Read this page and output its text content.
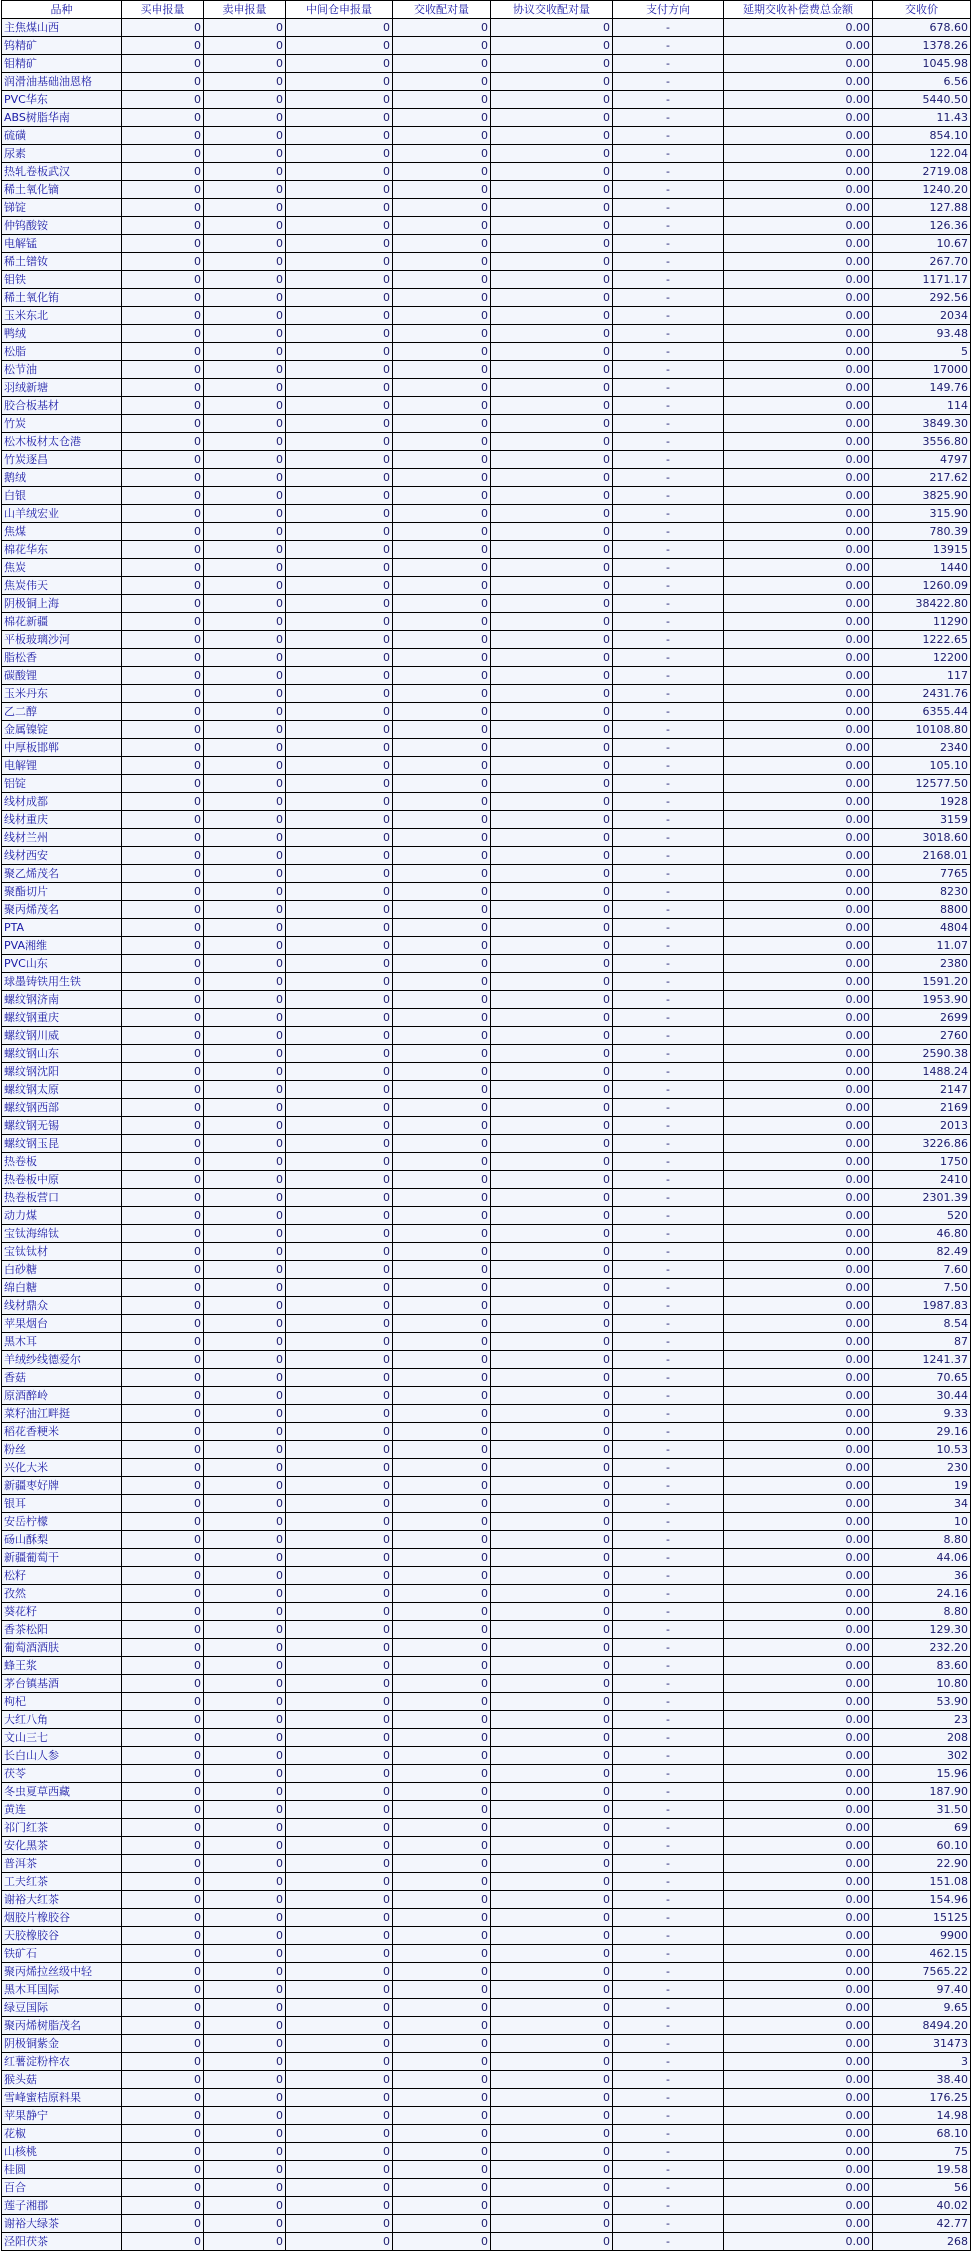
品种	买申报量	卖申报量	中间仓申报量	交收配对量	协议交收配对量	支付方向	延期交收补偿费总金额	交收价
主焦煤山西	0	0	0	0	0	-	0.00	678.60
钨精矿	0	0	0	0	0	-	0.00	1378.26
钼精矿	0	0	0	0	0	-	0.00	1045.98
润滑油基础油恩格	0	0	0	0	0	-	0.00	6.56
PVC华东	0	0	0	0	0	-	0.00	5440.50
ABS树脂华南	0	0	0	0	0	-	0.00	11.43
硫磺	0	0	0	0	0	-	0.00	854.10
尿素	0	0	0	0	0	-	0.00	122.04
热轧卷板武汉	0	0	0	0	0	-	0.00	2719.08
稀土氧化镝	0	0	0	0	0	-	0.00	1240.20
锑锭	0	0	0	0	0	-	0.00	127.88
仲钨酸铵	0	0	0	0	0	-	0.00	126.36
电解锰	0	0	0	0	0	-	0.00	10.67
稀土镨钕	0	0	0	0	0	-	0.00	267.70
钼铁	0	0	0	0	0	-	0.00	1171.17
稀土氧化铕	0	0	0	0	0	-	0.00	292.56
玉米东北	0	0	0	0	0	-	0.00	2034
鸭绒	0	0	0	0	0	-	0.00	93.48
松脂	0	0	0	0	0	-	0.00	5
松节油	0	0	0	0	0	-	0.00	17000
羽绒新塘	0	0	0	0	0	-	0.00	149.76
胶合板基材	0	0	0	0	0	-	0.00	114
竹炭	0	0	0	0	0	-	0.00	3849.30
松木板材太仓港	0	0	0	0	0	-	0.00	3556.80
竹炭逐昌	0	0	0	0	0	-	0.00	4797
鹅绒	0	0	0	0	0	-	0.00	217.62
白银	0	0	0	0	0	-	0.00	3825.90
山羊绒宏业	0	0	0	0	0	-	0.00	315.90
焦煤	0	0	0	0	0	-	0.00	780.39
棉花华东	0	0	0	0	0	-	0.00	13915
焦炭	0	0	0	0	0	-	0.00	1440
焦炭伟天	0	0	0	0	0	-	0.00	1260.09
阴极铜上海	0	0	0	0	0	-	0.00	38422.80
棉花新疆	0	0	0	0	0	-	0.00	11290
平板玻璃沙河	0	0	0	0	0	-	0.00	1222.65
脂松香	0	0	0	0	0	-	0.00	12200
碳酸锂	0	0	0	0	0	-	0.00	117
玉米丹东	0	0	0	0	0	-	0.00	2431.76
乙二醇	0	0	0	0	0	-	0.00	6355.44
金属镍锭	0	0	0	0	0	-	0.00	10108.80
中厚板邯郸	0	0	0	0	0	-	0.00	2340
电解锂	0	0	0	0	0	-	0.00	105.10
铝锭	0	0	0	0	0	-	0.00	12577.50
线材成都	0	0	0	0	0	-	0.00	1928
线材重庆	0	0	0	0	0	-	0.00	3159
线材兰州	0	0	0	0	0	-	0.00	3018.60
线材西安	0	0	0	0	0	-	0.00	2168.01
聚乙烯茂名	0	0	0	0	0	-	0.00	7765
聚酯切片	0	0	0	0	0	-	0.00	8230
聚丙烯茂名	0	0	0	0	0	-	0.00	8800
PTA	0	0	0	0	0	-	0.00	4804
PVA湘维	0	0	0	0	0	-	0.00	11.07
PVC山东	0	0	0	0	0	-	0.00	2380
球墨铸铁用生铁	0	0	0	0	0	-	0.00	1591.20
螺纹钢济南	0	0	0	0	0	-	0.00	1953.90
螺纹钢重庆	0	0	0	0	0	-	0.00	2699
螺纹钢川威	0	0	0	0	0	-	0.00	2760
螺纹钢山东	0	0	0	0	0	-	0.00	2590.38
螺纹钢沈阳	0	0	0	0	0	-	0.00	1488.24
螺纹钢太原	0	0	0	0	0	-	0.00	2147
螺纹钢西部	0	0	0	0	0	-	0.00	2169
螺纹钢无锡	0	0	0	0	0	-	0.00	2013
螺纹钢玉昆	0	0	0	0	0	-	0.00	3226.86
热卷板	0	0	0	0	0	-	0.00	1750
热卷板中原	0	0	0	0	0	-	0.00	2410
热卷板营口	0	0	0	0	0	-	0.00	2301.39
动力煤	0	0	0	0	0	-	0.00	520
宝钛海绵钛	0	0	0	0	0	-	0.00	46.80
宝钛钛材	0	0	0	0	0	-	0.00	82.49
白砂糖	0	0	0	0	0	-	0.00	7.60
绵白糖	0	0	0	0	0	-	0.00	7.50
线材鼎众	0	0	0	0	0	-	0.00	1987.83
苹果烟台	0	0	0	0	0	-	0.00	8.54
黑木耳	0	0	0	0	0	-	0.00	87
羊绒纱线德爱尔	0	0	0	0	0	-	0.00	1241.37
香菇	0	0	0	0	0	-	0.00	70.65
原酒醉岭	0	0	0	0	0	-	0.00	30.44
菜籽油江畔挺	0	0	0	0	0	-	0.00	9.33
稻花香粳米	0	0	0	0	0	-	0.00	29.16
粉丝	0	0	0	0	0	-	0.00	10.53
兴化大米	0	0	0	0	0	-	0.00	230
新疆枣好牌	0	0	0	0	0	-	0.00	19
银耳	0	0	0	0	0	-	0.00	34
安岳柠檬	0	0	0	0	0	-	0.00	10
砀山酥梨	0	0	0	0	0	-	0.00	8.80
新疆葡萄干	0	0	0	0	0	-	0.00	44.06
松籽	0	0	0	0	0	-	0.00	36
孜然	0	0	0	0	0	-	0.00	24.16
葵花籽	0	0	0	0	0	-	0.00	8.80
香茶松阳	0	0	0	0	0	-	0.00	129.30
葡萄酒酒肤	0	0	0	0	0	-	0.00	232.20
蜂王浆	0	0	0	0	0	-	0.00	83.60
茅台镇基酒	0	0	0	0	0	-	0.00	10.80
枸杞	0	0	0	0	0	-	0.00	53.90
大红八角	0	0	0	0	0	-	0.00	23
文山三七	0	0	0	0	0	-	0.00	208
长白山人参	0	0	0	0	0	-	0.00	302
茯苓	0	0	0	0	0	-	0.00	15.96
冬虫夏草西藏	0	0	0	0	0	-	0.00	187.90
黄连	0	0	0	0	0	-	0.00	31.50
祁门红茶	0	0	0	0	0	-	0.00	69
安化黑茶	0	0	0	0	0	-	0.00	60.10
普洱茶	0	0	0	0	0	-	0.00	22.90
工夫红茶	0	0	0	0	0	-	0.00	151.08
谢裕大红茶	0	0	0	0	0	-	0.00	154.96
烟胶片橡胶谷	0	0	0	0	0	-	0.00	15125
天胶橡胶谷	0	0	0	0	0	-	0.00	9900
铁矿石	0	0	0	0	0	-	0.00	462.15
聚丙烯拉丝级中轻	0	0	0	0	0	-	0.00	7565.22
黑木耳国际	0	0	0	0	0	-	0.00	97.40
绿豆国际	0	0	0	0	0	-	0.00	9.65
聚丙烯树脂茂名	0	0	0	0	0	-	0.00	8494.20
阴极铜紫金	0	0	0	0	0	-	0.00	31473
红薯淀粉梓农	0	0	0	0	0	-	0.00	3
猴头菇	0	0	0	0	0	-	0.00	38.40
雪峰蜜桔原料果	0	0	0	0	0	-	0.00	176.25
苹果静宁	0	0	0	0	0	-	0.00	14.98
花椒	0	0	0	0	0	-	0.00	68.10
山核桃	0	0	0	0	0	-	0.00	75
桂圆	0	0	0	0	0	-	0.00	19.58
百合	0	0	0	0	0	-	0.00	56
莲子湘郡	0	0	0	0	0	-	0.00	40.02
谢裕大绿茶	0	0	0	0	0	-	0.00	42.77
泾阳茯茶	0	0	0	0	0	-	0.00	268
